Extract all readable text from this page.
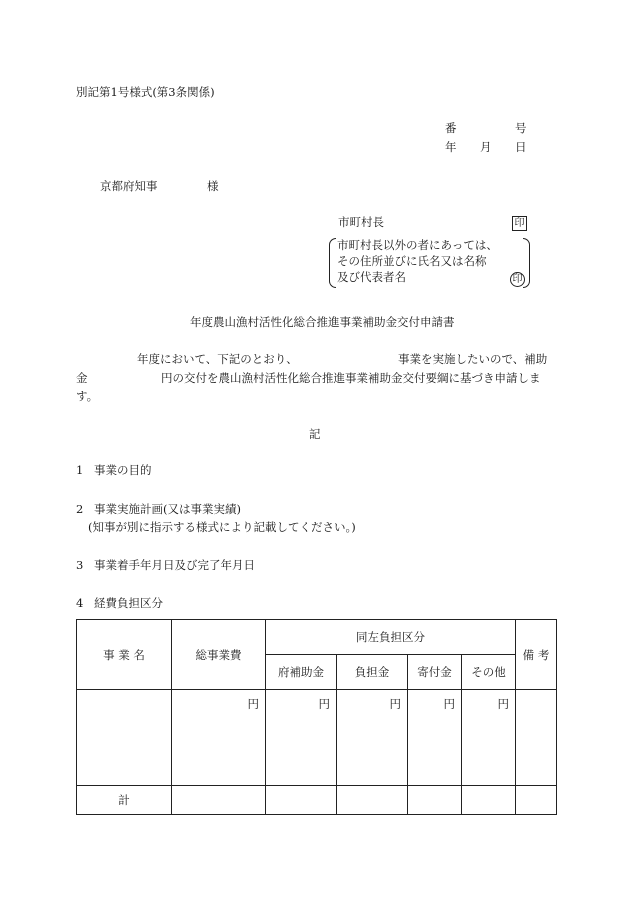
別記第1号様式(第3条関係)
番	号
年 月 日
京都府知事	様
市町村長	印
市町村長以外の者にあっては、
その住所並びに氏名又は名称
及び代表者名	印
年度農山漁村活性化総合推進事業補助金交付申請書
年度において、下記のとおり、	事業を実施したいので、補助
金	円の交付を農山漁村活性化総合推進事業補助金交付要綱に基づき申請しま
す。
記
1 事業の目的
2 事業実施計画(又は事業実績)
(知事が別に指示する様式により記載してください。)
3 事業着手年月日及び完了年月日
4 経費負担区分
事 業 名	総事業費	同左負担区分				備 考
		府補助金	負担金	寄付金	その他	
	円	円	円	円	円	
計						
